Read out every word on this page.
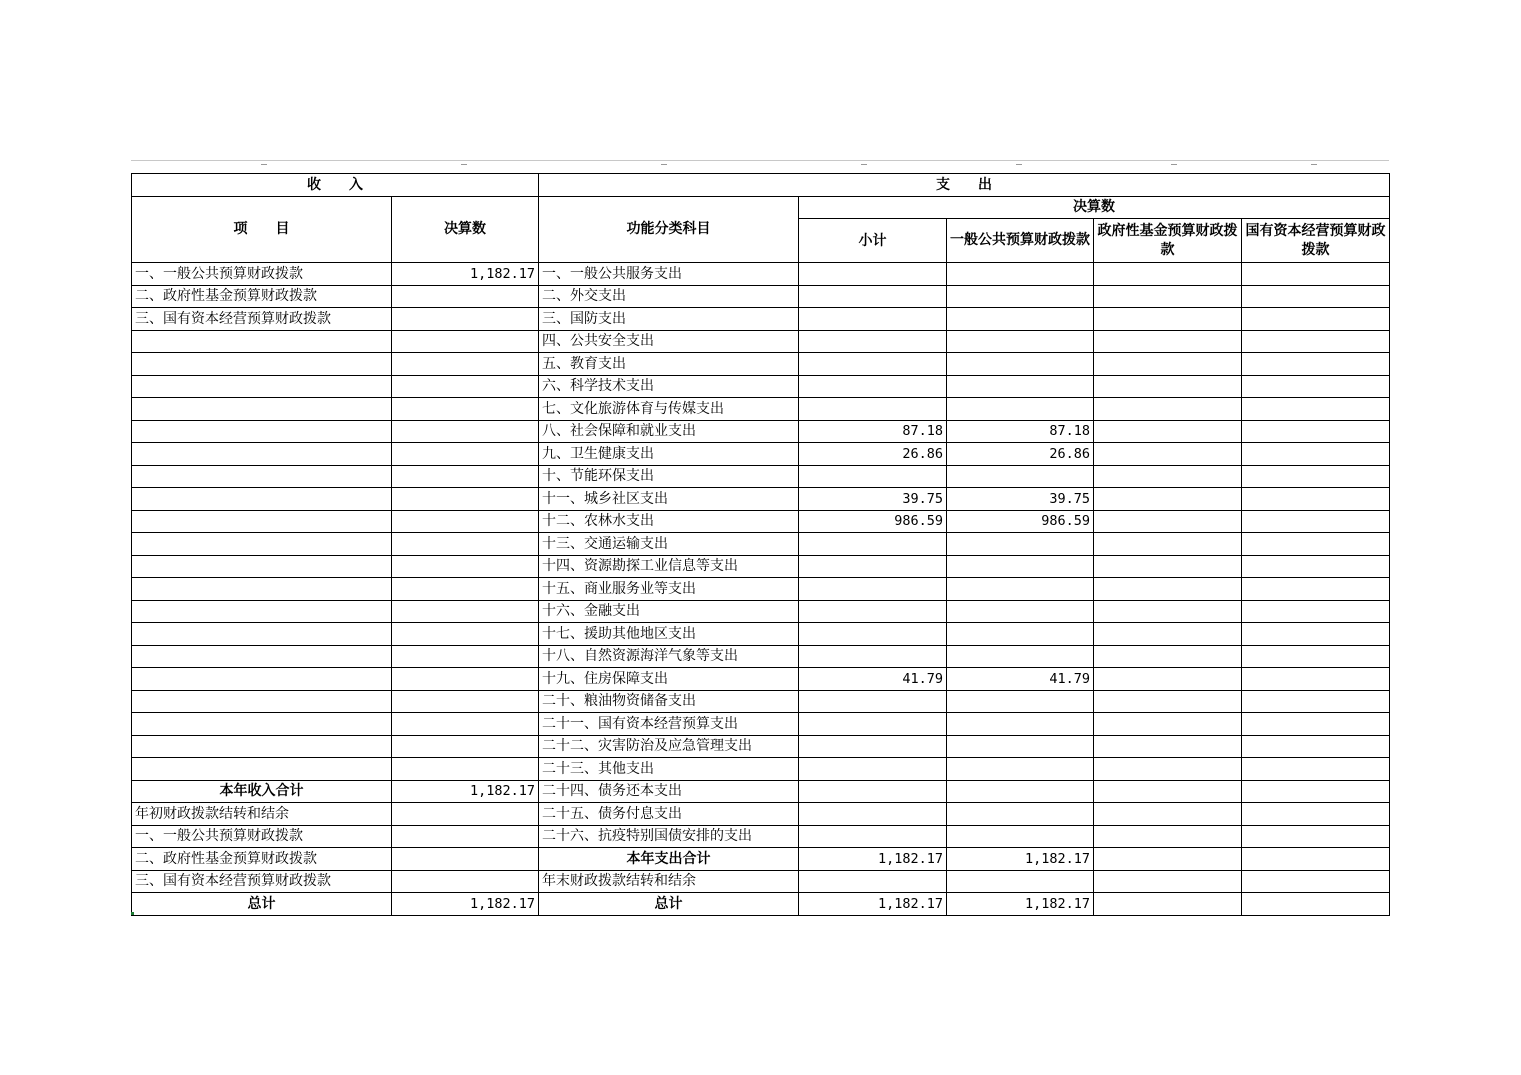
收　　入		支　　出				
项　　目	决算数	功能分类科目	决算数			
			小计	一般公共预算财政拨款	政府性基金预算财政拨款	国有资本经营预算财政拨款
一、一般公共预算财政拨款	1,182.17	一、一般公共服务支出				
二、政府性基金预算财政拨款		二、外交支出				
三、国有资本经营预算财政拨款		三、国防支出				
		四、公共安全支出				
		五、教育支出				
		六、科学技术支出				
		七、文化旅游体育与传媒支出				
		八、社会保障和就业支出	87.18	87.18		
		九、卫生健康支出	26.86	26.86		
		十、节能环保支出				
		十一、城乡社区支出	39.75	39.75		
		十二、农林水支出	986.59	986.59		
		十三、交通运输支出				
		十四、资源勘探工业信息等支出				
		十五、商业服务业等支出				
		十六、金融支出				
		十七、援助其他地区支出				
		十八、自然资源海洋气象等支出				
		十九、住房保障支出	41.79	41.79		
		二十、粮油物资储备支出				
		二十一、国有资本经营预算支出				
		二十二、灾害防治及应急管理支出				
		二十三、其他支出				
本年收入合计	1,182.17	二十四、债务还本支出				
年初财政拨款结转和结余		二十五、债务付息支出				
一、一般公共预算财政拨款		二十六、抗疫特别国债安排的支出				
二、政府性基金预算财政拨款		本年支出合计	1,182.17	1,182.17		
三、国有资本经营预算财政拨款		年末财政拨款结转和结余				
总计	1,182.17	总计	1,182.17	1,182.17		
